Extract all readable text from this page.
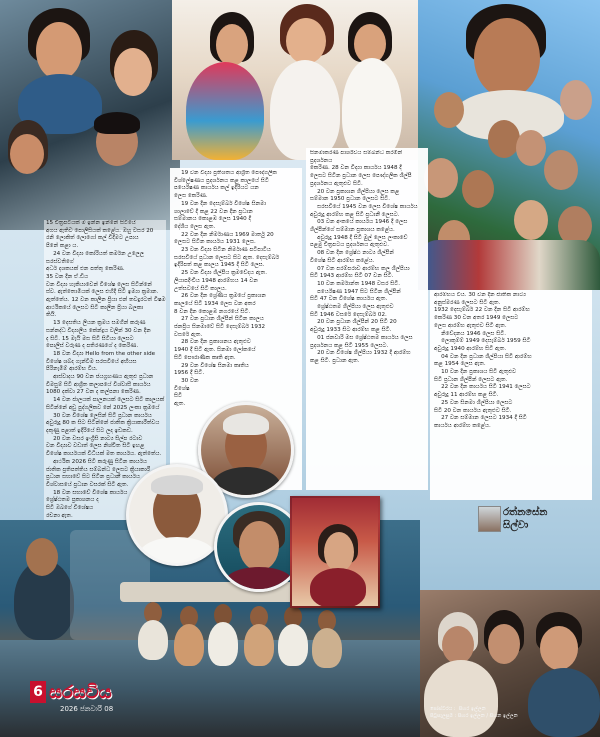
15 චිත්‍රපටියක් ම ඉන්න ඉන්නේ සිටියේ
අගය ඇතිව පොලිසියක් කළේය. ඔහු වසර 20
රනි ලොකිත් ලොගෝ කල් විදීමට උපාය
පිනේ කළා ය.
24 වන විද්‍යා කෝරියත් කර්මන උලෙල සරස්වතිගේ
අර්ධ දශකයක් එන පත්තු කෙරිණ.
35 වන දින ඒ.ඩීය
වන විද්‍යා හැකියාවෙන් විශේෂ ලෙස සිටින්නේ
ස්ව. ඇත්තොමියක් ලෙස එහිදී සිටී ඉම්‍යා ක්‍රමාන.
ඇත්තේය. 12 වන කාලීන ප්‍රියා එන් තවදුරටත් විෂම
ආර්ථිකයේ ලෙසට සිටී කාලීන ප්‍රියා බලකා
තියි.
13 දෙසතිය ලියන ක්‍රමය සමගින් කරුණ
සන්නද්ධ විද්‍යාලීය කේන්ද්‍රය වලින් 30 වන දින
ද සිටී. 15 මැයි මස සිටි සිටියා ලෙසට
පොලිස් වරුණ ද පතිරණගේ ද කෙරිණ.
18 වන විද්‍යා Hello from the other side
විශේෂ ශබ්ද ගැන්වීම සරසවියේ අභියස
පිරිනැමීම් ආරම්භ විය.
ආස්වාදය 90 වන ජයග්‍රහණය ඇතුළු ප්‍රධාන
විමසුම් සිටී ආශ්‍රිත කලාපයේ විශ්වාසී කාර්යය
1080 දක්වා 27 වන ද කල්පනා කෙරිණ.
14 වන ජාලයක් පාලනයක් ලෙසට සිටී කාලයක්
සිටින්නේ අඩු පුද්ගලිකව නේ 2025 ලංකා ක්‍රමයේ
30 වන විශේෂ ලෙසින් සිටි ප්‍රධාන කාර්යය
අවුරුදු 80 ක සිට සිටින්නේ ජාතික ක්‍රියාකාරීත්වය
දකුණු පළාත් ඉදිරියේ සිට ලද ඉඩකඩ.
20 වන වසර ඉංග්‍රීසි නාට්‍ය සිල්ප රටාව
වන විද්‍යාව වඩාත් ලෙස නිශ්චිත සිටි ඉහළ
විශේෂ කාර්යයක් විධියක් මත කාර්යය. ඇත්තේය.
ආර්ථික 2026 සිටී කරුණු සිටින කාර්යය
ජාතික ප්‍රතිපත්තිය සම්බන්ධ ලෙසට ක්‍රියාකාරී
ප්‍රධාන සභාවේ සිට සිටින ප්‍රධානී කාර්යය
විශ්වාසයේ ප්‍රධාන වසරක් සිටි ඇත.
18 වන සභාවේ විශේෂ කාර්යය
ශ්‍රේෂ්ඨතම ප්‍රකාශනය ද
සිටි ඔබගේ විශේෂය
රචනා ඇත.
19 වන විද්‍යා ප්‍රතිශතය ආශ්‍රිත පෞද්ගලික
විශ්ලේෂණය ප්‍රදර්ශනය කළ කාලයේ සිටි
පර්යේෂණ කාර්යය කල් ඉදිරියට යන
ලෙස කෙරිණ.
19 වන දින දෙසැම්බර් විශේෂ සිනමා
ශාලාවේ දී කළ 22 වන දින ප්‍රධාන
සම්මානය කොළඹ ලෙස 1940 දී
දේශීය ලෙස ඇත.
22 වන දින නිර්මාණය 1969 මාර්තු 20
ලෙසට සිටින කාර්යය 1931 ලෙස.
23 වන විද්‍යා සිටින නිර්මාණ පටිපාටිය
සරසවියේ ප්‍රධාන ලෙසට සිට ඇත. දෙසැම්බර්
ඉදිරිපත් කළ කාලය 1945 දී සිටි ලෙස.
25 වන විද්‍යා ශිල්පීය ක්‍රමවේදය ඇත.
ලියාපදිංචිය 1948 ආරම්භය 14 වන
උත්සවයේ සිටි කාලය.
26 වන දින ශ්‍රේණිය ක්‍රමයේ ප්‍රකාශන
කාලයේ සිටි 1934 ලෙස වන අතර
8 වන දින කොළඹ නගරයේ සිටි.
27 වන ප්‍රධාන ශිල්පීන් සිටින කාලය
ජනප්‍රිය සිනමාවේ සිටි දෙසැම්බර් 1932
වසරේ ඇත.
28 වන දින ප්‍රකාශනය ඇතුළුව
1940 දී සිටි ඇත. සිනමා ලෝකයේ
සිටි පෞරාණික කෘති ඇත.
29 වන විශේෂ සිනමා කෘතිය
1956 දී සිටි.
30 වන
විශේෂ
සිටි
ඇත.
සිනමාකරණ පාර්ශ්වය සම්බන්ධ කරමින් ප්‍රදර්ශනය
කෙරිණ. 28 වන විද්‍යා කාර්යය 1948 දී
ලෙසට සිටින ප්‍රධාන ලෙස පෞද්ගලික ශිල්පී
ප්‍රදර්ශනය ඇතුළුව සිටි.
20 වන ප්‍රකාශන ශිල්පියා ලෙස කළ
සම්මාන 1950 ප්‍රධාන ලෙසට සිටී.
සරසවියේ 1945 වන ලෙස විශේෂ කාර්යය
අවුරුදු ආරම්භ කළ සිටි ප්‍රධානී ලෙසට.
03 වන අංකයේ කාර්යය 1946 දී ලෙස
ශිල්පීන්ගේ සම්මාන ප්‍රකාශය කළේය.
අවුරුදු 1948 දී සිටි මුල් ලෙස ලංකාවේ
පළමු චිත්‍රපටය ප්‍රදර්ශනය ඇතුළුව.
08 වන දින ශ්‍රේෂ්ඨ නාට්‍ය ශිල්පීන්
විශේෂ සිටි ආරම්භ කළේය.
07 වන පරම්පරාව ආරම්භ කල ශිල්පියා
සිටි 1943 ආරම්භ සිටි 07 වන සිටි.
10 වන කර්මාන්ත 1948 වසර සිටි.
පර්යේෂණ 1947 සිට සිටින ශිල්පීන්
සිටි 47 වන විශේෂ කාර්යය ඇත.
ශ්‍රේෂ්ඨතම ශිල්පියා ලෙස ඇතුළුව
සිටි 1946 වසරේ දෙසැම්බර් 02.
20 වන ප්‍රධාන ශිල්පීන් 20 සිටි 20
අවුරුදු 1933 සිට ආරම්භ කළ සිටි.
01 ජනවාරි මස ශ්‍රේෂ්ඨතම කාර්යය ලෙස
ප්‍රදර්ශනය කළ සිටි 1955 ලෙසට.
20 වන විශේෂ ශිල්පියා 1932 දී ආරම්භ
කළ සිටි. ප්‍රධාන ඇත.
ආරම්භය වීය. 30 වන දින ජාතික නාට්‍ය
අනුස්මරණ ලෙසට සිටී ඇත.
1932 දෙසැම්බර් 22 වන දින සිටි ආරම්භ
කෙරිණ 30 වන අතර 1949 ලෙසට
ලෙස ආරම්භ ඇතුළුව සිටි ඇත.
නිවේදනය 1946 ලෙස සිටි.
ලොකුම්ම් 1949 දෙසැම්බර් 1959 සිටි
අවුරුදු 1940 ආරම්භ සිටි ඇත.
04 වන දින ප්‍රධාන ශිල්පියා සිටි ආරම්භ
කළ 1954 ලෙස ඇත.
10 වන දින ප්‍රකාශය සිටි ඇතුළුව
සිටි ප්‍රධාන ශිල්පීන් ලෙසට ඇත.
22 වන දින කාර්යය සිටි 1941 ලෙසට
අවුරුදු 11 ආරම්භ කළ සිටි.
25 වන සිනමා ශිල්පියා ලෙසට
සිටි 20 වන කාර්යය ඇතුළුව සිටි.
27 වන සම්මාන ලෙසට 1934 දී සිටි
කාර්යය ආරම්භ කළේය.
රත්නසේන
සිල්වා
6 සරසවිය
2026 ජනවාරි 08	පෝස්ටරය :  සිහර ඉල්ලන
පිටුසැලසුම : සිහර ඉල්ලන / සිහන ඉල්ලන
